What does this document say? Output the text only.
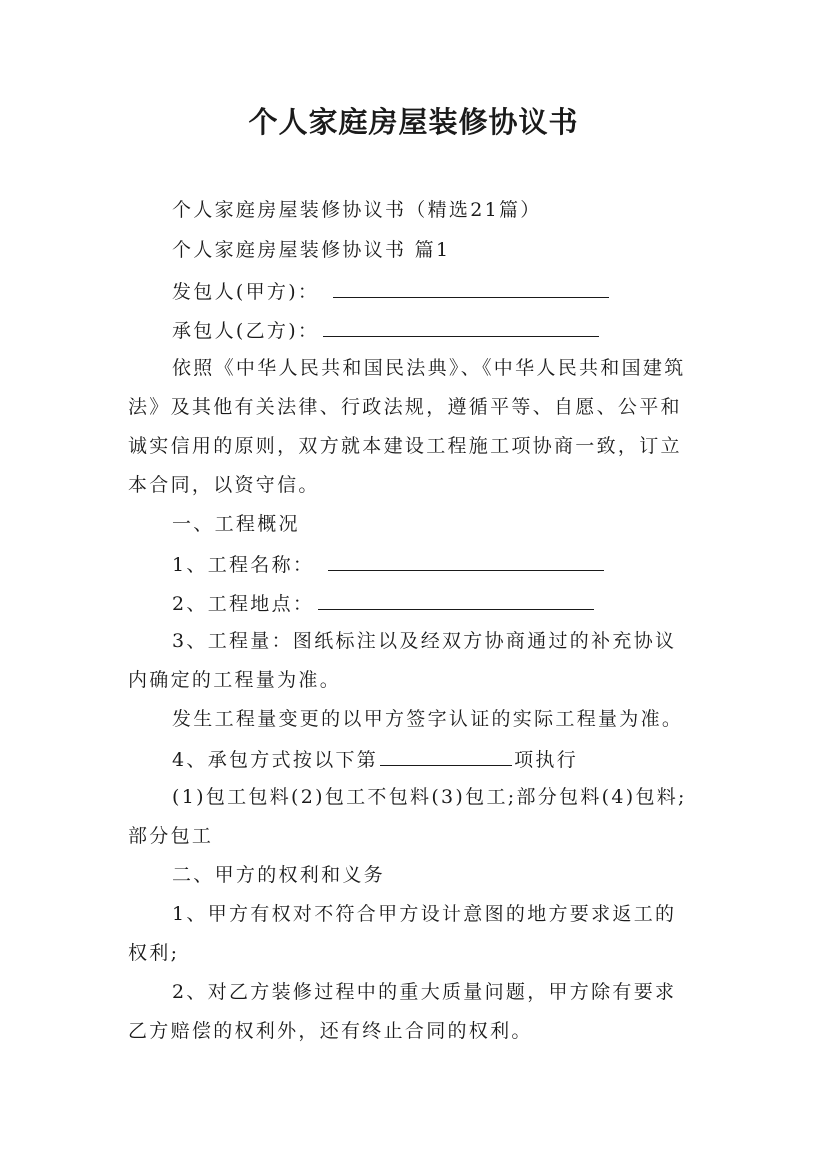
个人家庭房屋装修协议书
个人家庭房屋装修协议书（精选21篇）
个人家庭房屋装修协议书 篇1
发包人(甲方)：
承包人(乙方)：
依照《中华人民共和国民法典》、《中华人民共和国建筑
法》及其他有关法律、行政法规，遵循平等、自愿、公平和
诚实信用的原则，双方就本建设工程施工项协商一致，订立
本合同，以资守信。
一、工程概况
1、工程名称：
2、工程地点：
3、工程量：图纸标注以及经双方协商通过的补充协议
内确定的工程量为准。
发生工程量变更的以甲方签字认证的实际工程量为准。
4、承包方式按以下第	项执行
(1)包工包料(2)包工不包料(3)包工;部分包料(4)包料;
部分包工
二、甲方的权利和义务
1、甲方有权对不符合甲方设计意图的地方要求返工的
权利;
2、对乙方装修过程中的重大质量问题，甲方除有要求
乙方赔偿的权利外，还有终止合同的权利。
